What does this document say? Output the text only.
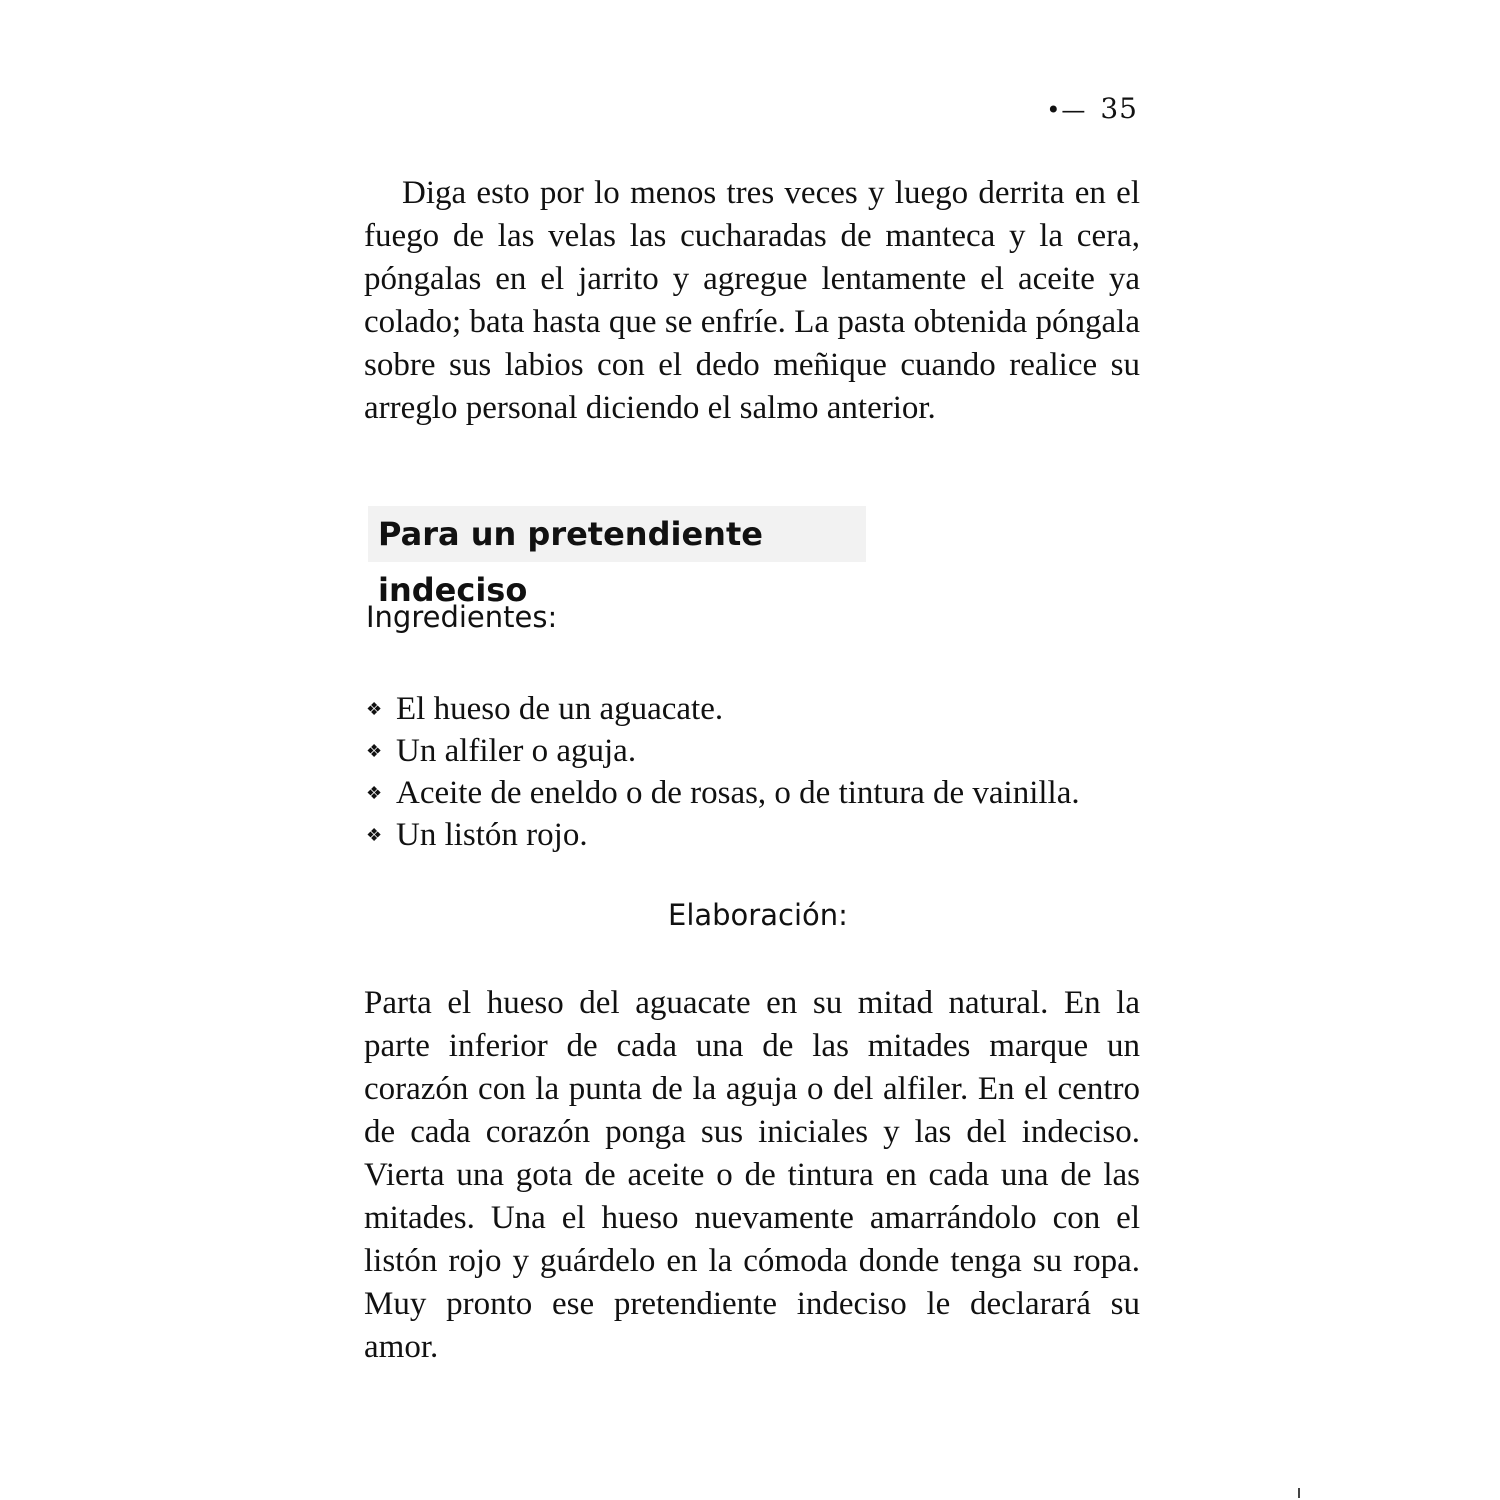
•— 35

Diga esto por lo menos tres veces y luego derrita en el fuego de las velas las cucharadas de manteca y la cera, póngalas en el jarrito y agregue lentamente el aceite ya colado; bata hasta que se enfríe. La pasta obtenida póngala sobre sus labios con el dedo meñique cuando realice su arreglo personal diciendo el salmo anterior.

Para un pretendiente indeciso
Ingredientes:
❖ El hueso de un aguacate.
❖ Un alfiler o aguja.
❖ Aceite de eneldo o de rosas, o de tintura de vainilla.
❖ Un listón rojo.
Elaboración:

Parta el hueso del aguacate en su mitad natural. En la parte inferior de cada una de las mitades marque un corazón con la punta de la aguja o del alfiler. En el centro de cada corazón ponga sus iniciales y las del indeciso. Vierta una gota de aceite o de tintura en cada una de las mitades. Una el hueso nuevamente amarrándolo con el listón rojo y guárdelo en la cómoda donde tenga su ropa. Muy pronto ese pretendiente indeciso le declarará su amor.
